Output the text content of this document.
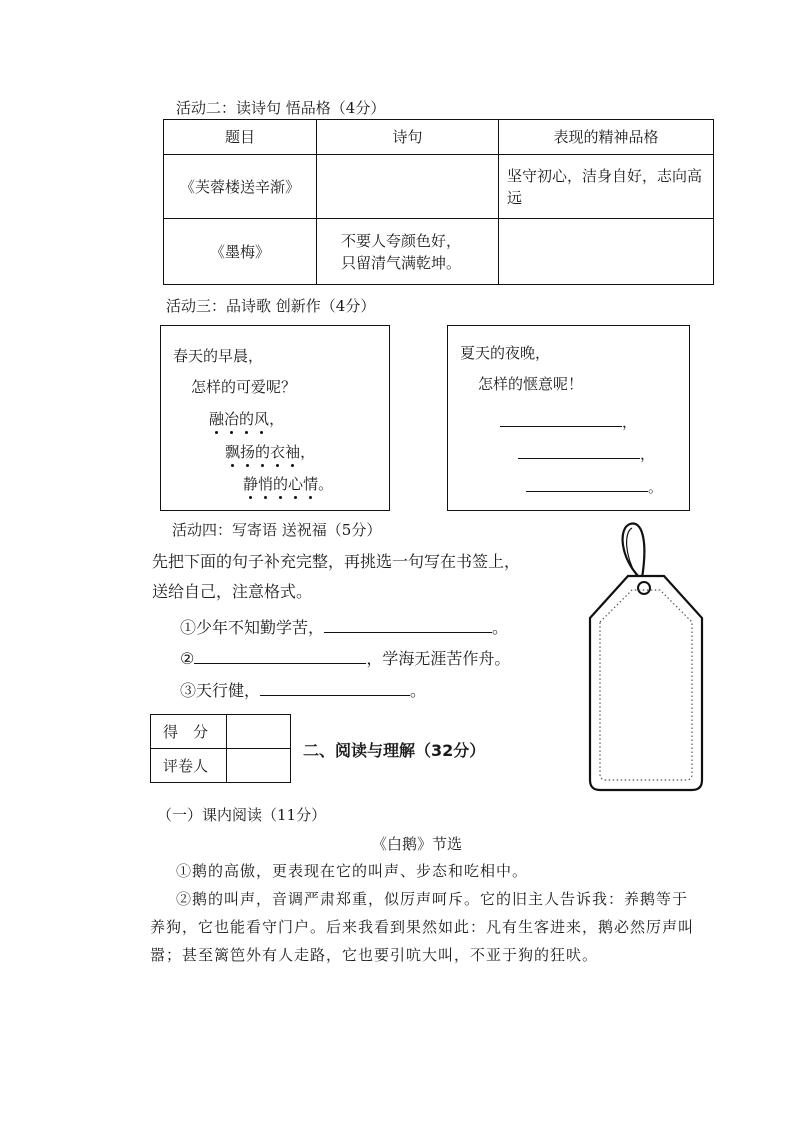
活动二：读诗句 悟品格（4分）
题目	诗句	表现的精神品格
《芙蓉楼送辛渐》		坚守初心，洁身自好，志向高远
《墨梅》	不要人夸颜色好，
只留清气满乾坤。	

活动三：品诗歌 创新作（4分）
春天的早晨，
怎样的可爱呢？
融冶的风，
飘扬的衣袖，
静悄的心情。
夏天的夜晚，
怎样的惬意呢！
，
，
。
活动四：写寄语 送祝福（5分）
先把下面的句子补充完整，再挑选一句写在书签上，
送给自己，注意格式。
①少年不知勤学苦，	。
②	，学海无涯苦作舟。
③天行健，	。
得　分	
评卷人	
二、阅读与理解（32分）
（一）课内阅读（11分）
《白鹅》节选
①鹅的高傲，更表现在它的叫声、步态和吃相中。
②鹅的叫声，音调严肃郑重，似厉声呵斥。它的旧主人告诉我：养鹅等于
养狗，它也能看守门户。后来我看到果然如此：凡有生客进来，鹅必然厉声叫
嚣；甚至篱笆外有人走路，它也要引吭大叫，不亚于狗的狂吠。
